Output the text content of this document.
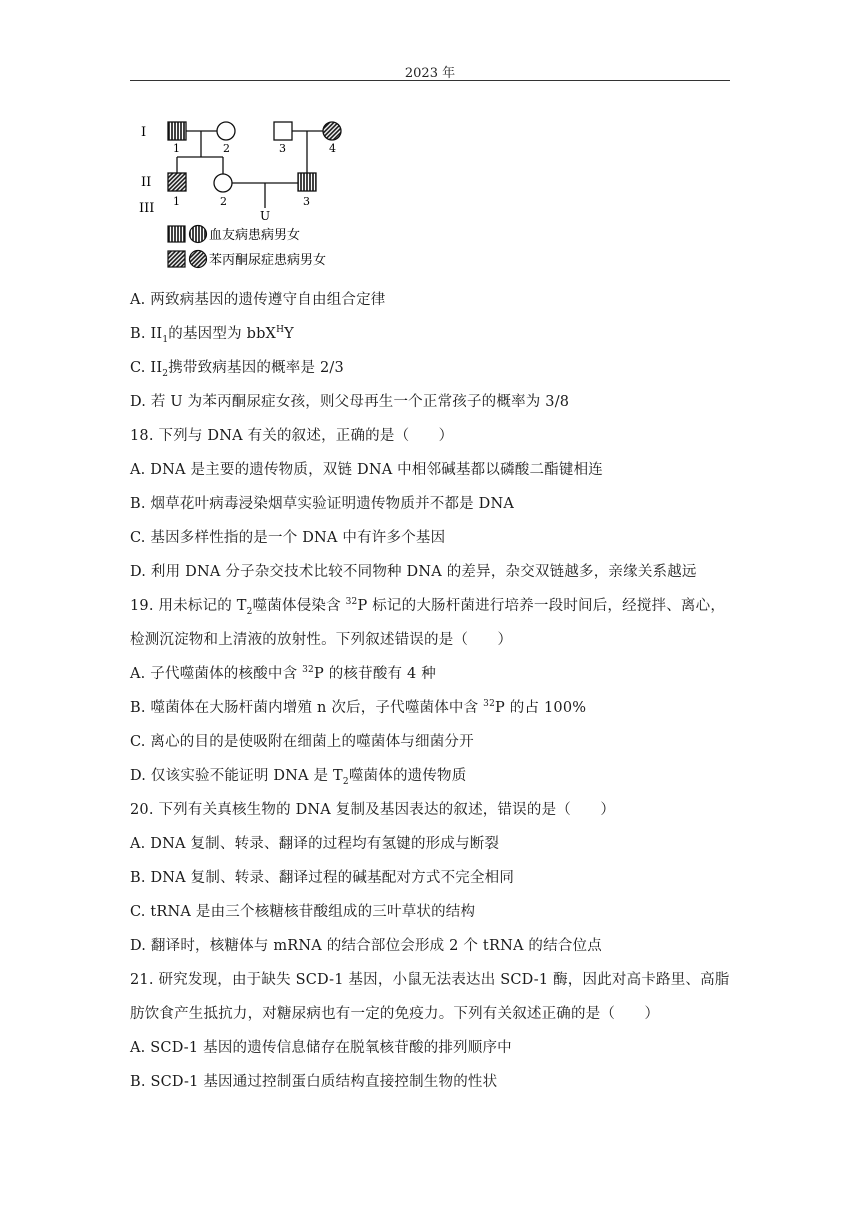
2023 年
I
II
III
1	2	3	4
1	2	3
U
血友病患病男女
苯丙酮尿症患病男女
A. 两致病基因的遗传遵守自由组合定律
B. $II_1$的基因型为 bbX$^H$Y
C. $II_2$携带致病基因的概率是 2/3
D. 若 U 为苯丙酮尿症女孩，则父母再生一个正常孩子的概率为 3/8
18. 下列与 DNA 有关的叙述，正确的是（　　）
A. DNA 是主要的遗传物质，双链 DNA 中相邻碱基都以磷酸二酯键相连
B. 烟草花叶病毒浸染烟草实验证明遗传物质并不都是 DNA
C. 基因多样性指的是一个 DNA 中有许多个基因
D. 利用 DNA 分子杂交技术比较不同物种 DNA 的差异，杂交双链越多，亲缘关系越远
19. 用未标记的 $T_2$噬菌体侵染含 $^{32}$P 标记的大肠杆菌进行培养一段时间后，经搅拌、离心，
检测沉淀物和上清液的放射性。下列叙述错误的是（　　）
A. 子代噬菌体的核酸中含 $^{32}$P 的核苷酸有 4 种
B. 噬菌体在大肠杆菌内增殖 n 次后，子代噬菌体中含 $^{32}$P 的占 100%
C. 离心的目的是使吸附在细菌上的噬菌体与细菌分开
D. 仅该实验不能证明 DNA 是 $T_2$噬菌体的遗传物质
20. 下列有关真核生物的 DNA 复制及基因表达的叙述，错误的是（　　）
A. DNA 复制、转录、翻译的过程均有氢键的形成与断裂
B. DNA 复制、转录、翻译过程的碱基配对方式不完全相同
C. tRNA 是由三个核糖核苷酸组成的三叶草状的结构
D. 翻译时，核糖体与 mRNA 的结合部位会形成 2 个 tRNA 的结合位点
21. 研究发现，由于缺失 SCD-1 基因，小鼠无法表达出 SCD-1 酶，因此对高卡路里、高脂
肪饮食产生抵抗力，对糖尿病也有一定的免疫力。下列有关叙述正确的是（　　）
A. SCD-1 基因的遗传信息储存在脱氧核苷酸的排列顺序中
B. SCD-1 基因通过控制蛋白质结构直接控制生物的性状
